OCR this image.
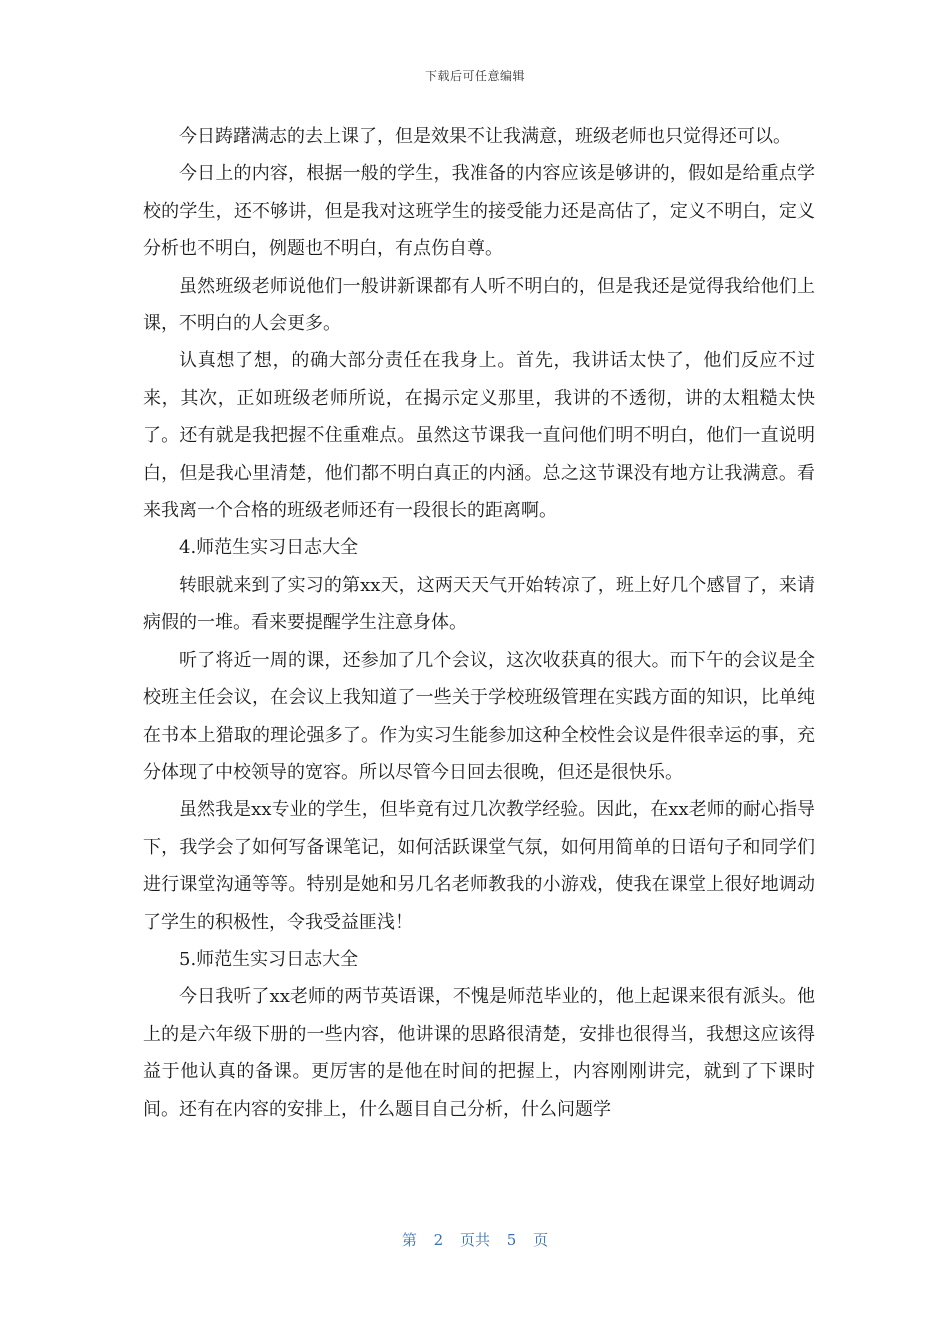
下载后可任意编辑

今日踌躇满志的去上课了，但是效果不让我满意，班级老师也只觉得还可以。

今日上的内容，根据一般的学生，我准备的内容应该是够讲的，假如是给重点学校的学生，还不够讲，但是我对这班学生的接受能力还是高估了，定义不明白，定义分析也不明白，例题也不明白，有点伤自尊。

虽然班级老师说他们一般讲新课都有人听不明白的，但是我还是觉得我给他们上课，不明白的人会更多。

认真想了想，的确大部分责任在我身上。首先，我讲话太快了，他们反应不过来，其次，正如班级老师所说，在揭示定义那里，我讲的不透彻，讲的太粗糙太快了。还有就是我把握不住重难点。虽然这节课我一直问他们明不明白，他们一直说明白，但是我心里清楚，他们都不明白真正的内涵。总之这节课没有地方让我满意。看来我离一个合格的班级老师还有一段很长的距离啊。

4.师范生实习日志大全

转眼就来到了实习的第xx天，这两天天气开始转凉了，班上好几个感冒了，来请病假的一堆。看来要提醒学生注意身体。

听了将近一周的课，还参加了几个会议，这次收获真的很大。而下午的会议是全校班主任会议，在会议上我知道了一些关于学校班级管理在实践方面的知识，比单纯在书本上猎取的理论强多了。作为实习生能参加这种全校性会议是件很幸运的事，充分体现了中校领导的宽容。所以尽管今日回去很晚，但还是很快乐。

虽然我是xx专业的学生，但毕竟有过几次教学经验。因此，在xx老师的耐心指导下，我学会了如何写备课笔记，如何活跃课堂气氛，如何用简单的日语句子和同学们进行课堂沟通等等。特别是她和另几名老师教我的小游戏，使我在课堂上很好地调动了学生的积极性，令我受益匪浅！

5.师范生实习日志大全

今日我听了xx老师的两节英语课，不愧是师范毕业的，他上起课来很有派头。他上的是六年级下册的一些内容，他讲课的思路很清楚，安排也很得当，我想这应该得益于他认真的备课。更厉害的是他在时间的把握上，内容刚刚讲完，就到了下课时间。还有在内容的安排上，什么题目自己分析，什么问题学

第 2 页共 5 页
